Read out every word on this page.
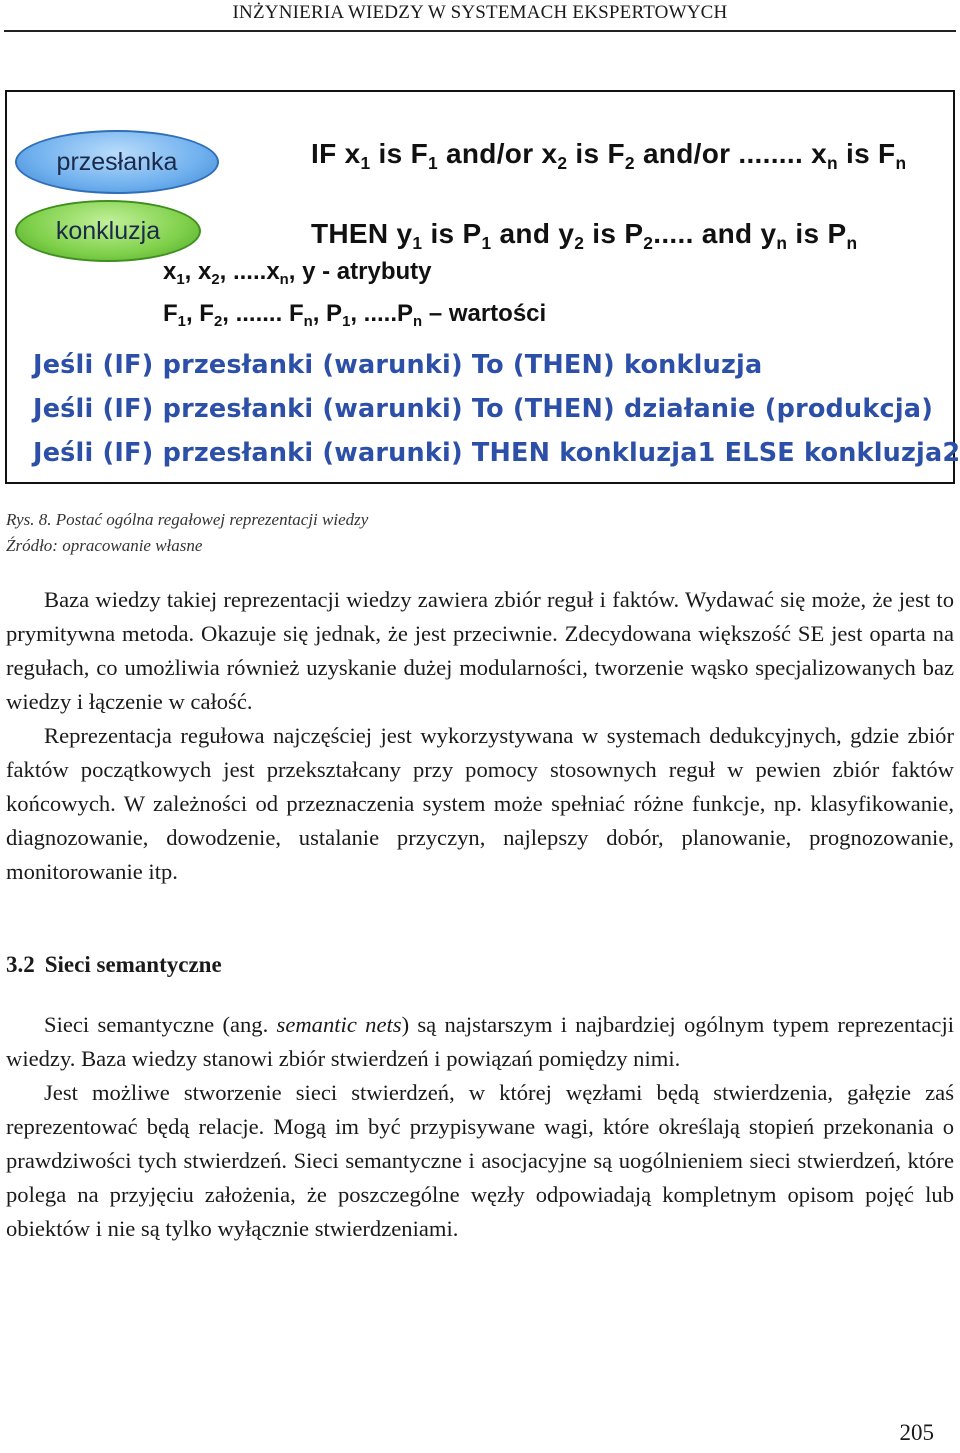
INŻYNIERIA WIEDZY W SYSTEMACH EKSPERTOWYCH
przesłanka
konkluzja
IF $x_1$ is $F_1$ and/or $x_2$ is $F_2$ and/or ........ $x_n$ is $F_n$
THEN $y_1$ is $P_1$ and $y_2$ is $P_2$..... and $y_n$ is $P_n$
$x_1$, $x_2$, $.....x_n$, y - atrybuty
$F_1$, $F_2$, ....... $F_n$, $P_1$, $.....P_n$ – wartości
Jeśli (IF) przesłanki (warunki) To (THEN) konkluzja
Jeśli (IF) przesłanki (warunki) To (THEN) działanie (produkcja)
Jeśli (IF) przesłanki (warunki) THEN konkluzja1 ELSE konkluzja2
Rys. 8. Postać ogólna regałowej reprezentacji wiedzy
Źródło: opracowanie własne

Baza wiedzy takiej reprezentacji wiedzy zawiera zbiór reguł i faktów. Wydawać się może, że jest to prymitywna metoda. Okazuje się jednak, że jest przeciwnie. Zdecydowana większość SE jest oparta na regułach, co umożliwia również uzyskanie dużej modularności, tworzenie wąsko specjalizowanych baz wiedzy i łączenie w całość.

Reprezentacja regułowa najczęściej jest wykorzystywana w systemach dedukcyjnych, gdzie zbiór faktów początkowych jest przekształcany przy pomocy stosownych reguł w pewien zbiór faktów końcowych. W zależności od przeznaczenia system może spełniać różne funkcje, np. klasyfikowanie, diagnozowanie, dowodzenie, ustalanie przyczyn, najlepszy dobór, planowanie, prognozowanie, monitorowanie itp.

3.2 Sieci semantyczne

Sieci semantyczne (ang. semantic nets) są najstarszym i najbardziej ogólnym typem reprezentacji wiedzy. Baza wiedzy stanowi zbiór stwierdzeń i powiązań pomiędzy nimi.

Jest możliwe stworzenie sieci stwierdzeń, w której węzłami będą stwierdzenia, gałęzie zaś reprezentować będą relacje. Mogą im być przypisywane wagi, które określają stopień przekonania o prawdziwości tych stwierdzeń. Sieci semantyczne i asocjacyjne są uogólnieniem sieci stwierdzeń, które polega na przyjęciu założenia, że poszczególne węzły odpowiadają kompletnym opisom pojęć lub obiektów i nie są tylko wyłącznie stwierdzeniami.

205
